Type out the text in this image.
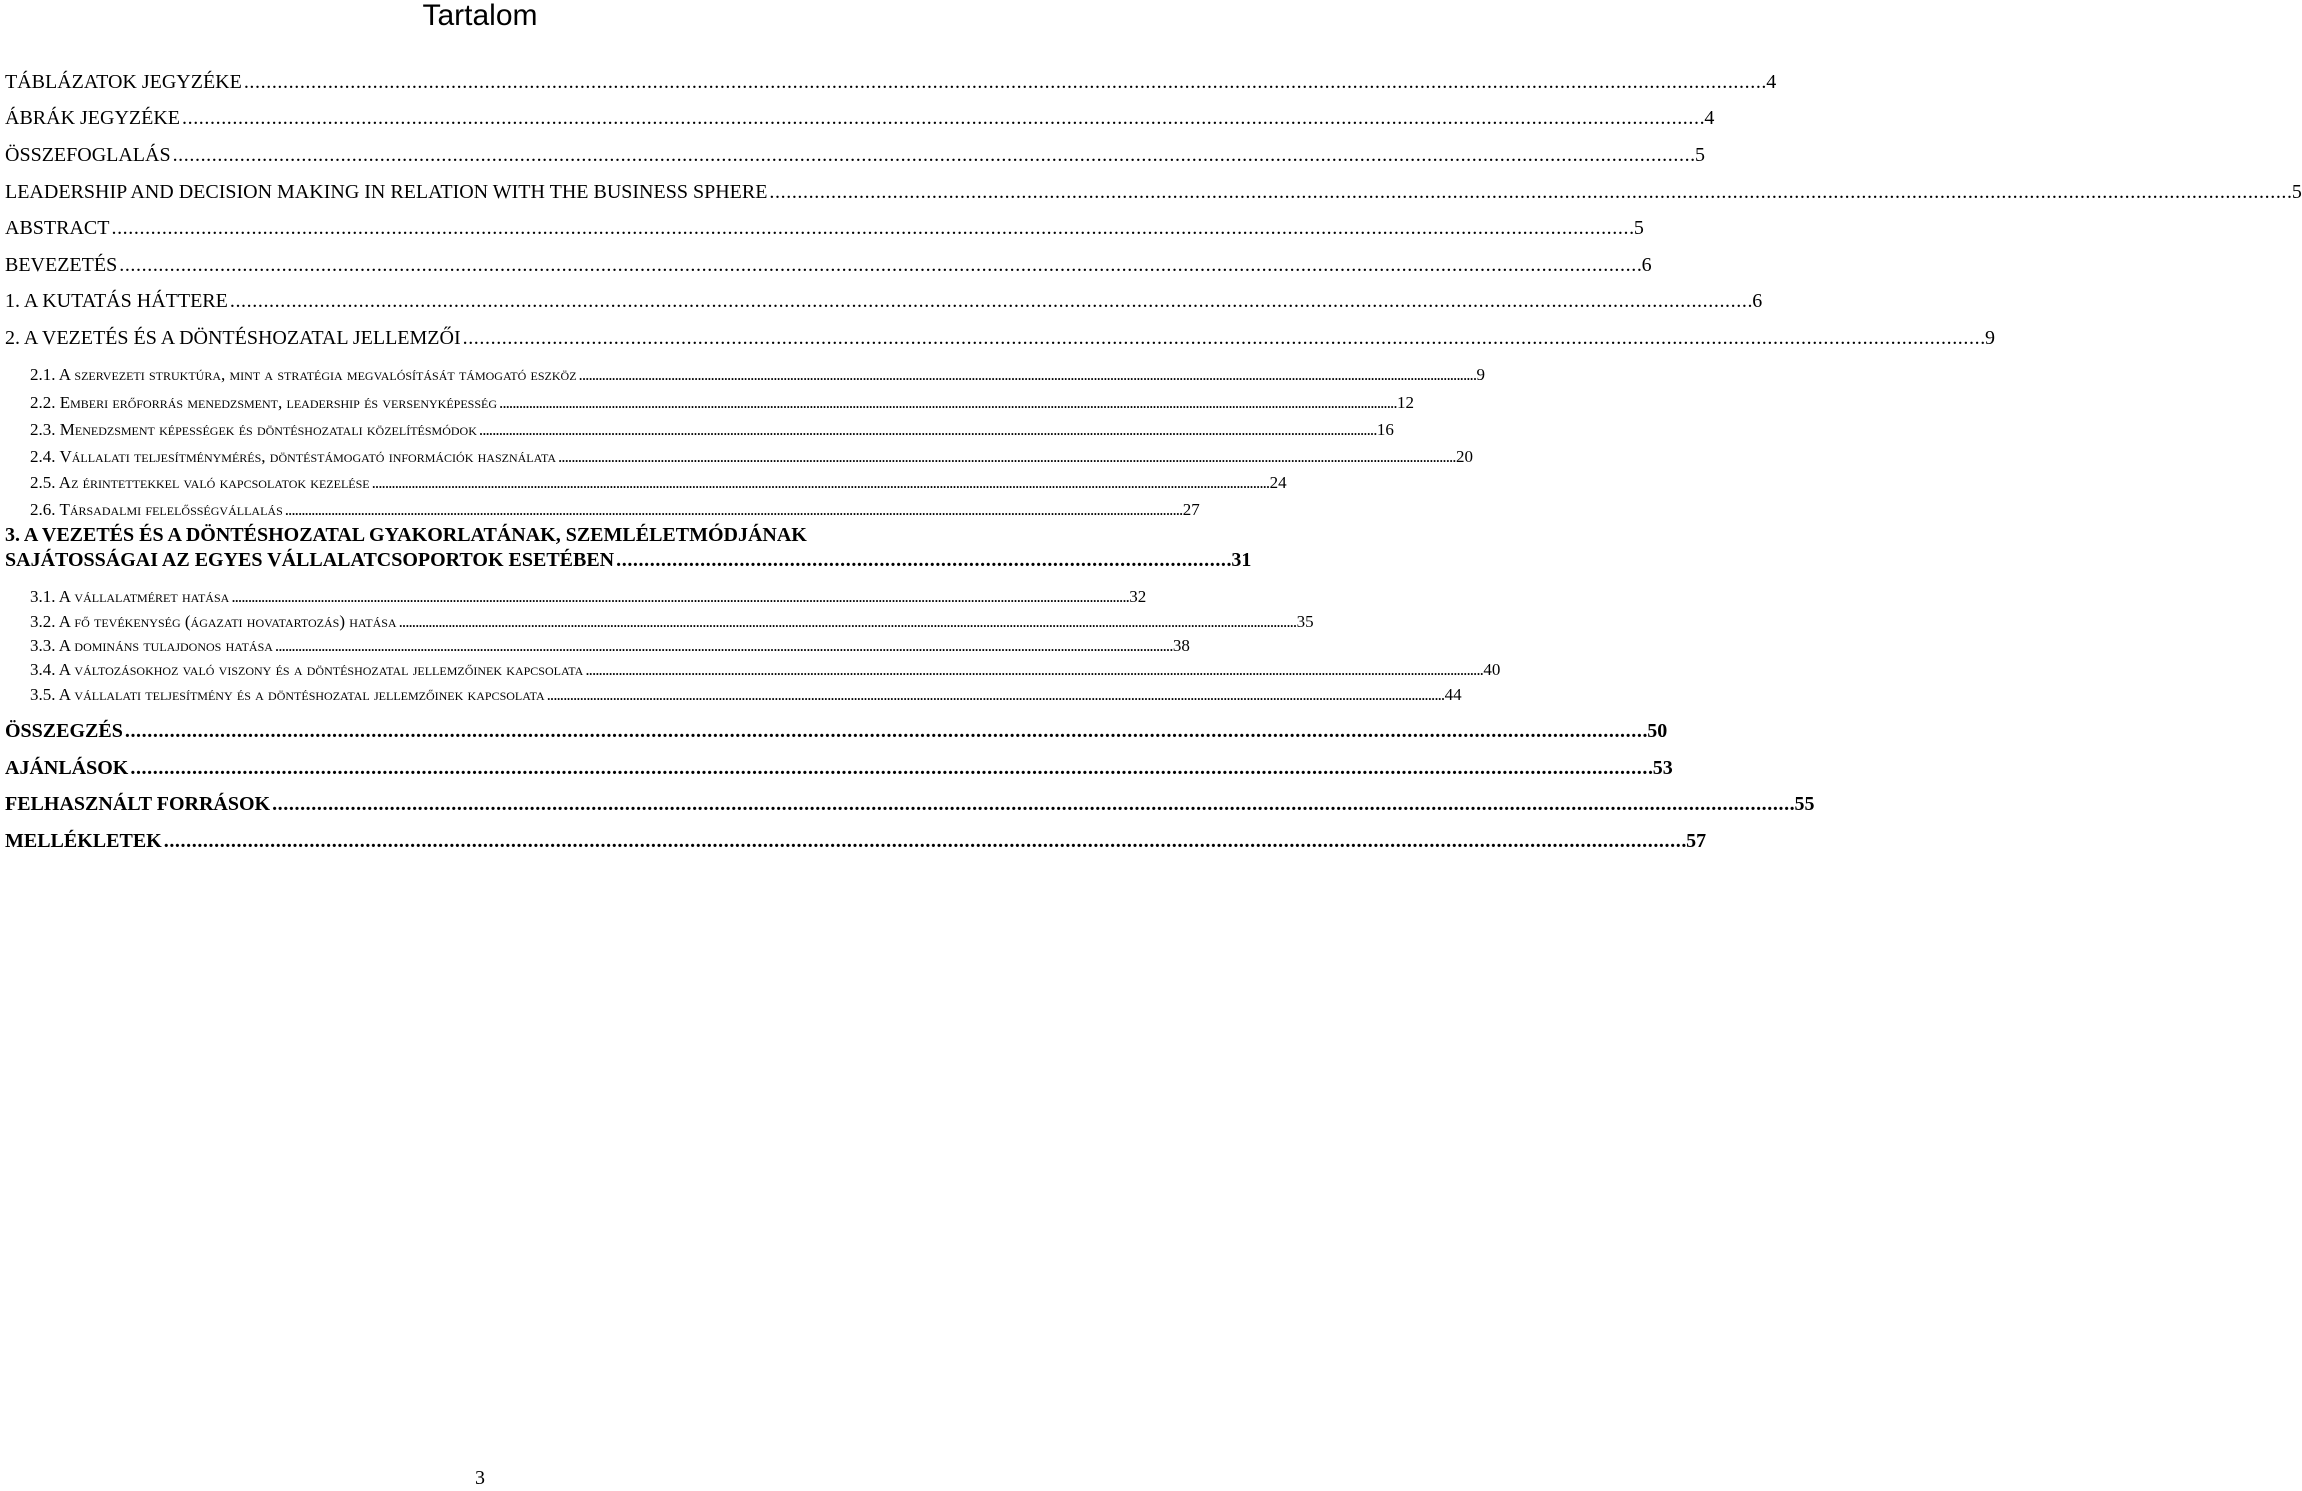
Tartalom
TÁBLÁZATOK JEGYZÉKE . . .	4
ÁBRÁK JEGYZÉKE . . .	4
ÖSSZEFOGLALÁS . . .	5
LEADERSHIP AND DECISION MAKING IN RELATION WITH THE BUSINESS SPHERE . . .	5
ABSTRACT . . .	5
BEVEZETÉS . . .	6
1. A KUTATÁS HÁTTERE . . .	6
2. A VEZETÉS ÉS A DÖNTÉSHOZATAL JELLEMZŐI . . .	9
2.1. A szervezeti struktúra, mint a stratégia megvalósítását támogató eszköz . . .	9
2.2. Emberi erőforrás menedzsment, leadership és versenyképesség . . .	12
2.3. Menedzsment képességek és döntéshozatali közelítésmódok . . .	16
2.4. Vállalati teljesítménymérés, döntéstámogató információk használata . . .	20
2.5. Az érintettekkel való kapcsolatok kezelése . . .	24
2.6. Társadalmi felelősségvállalás . . .	27
3. A VEZETÉS ÉS A DÖNTÉSHOZATAL GYAKORLATÁNAK, SZEMLÉLETMÓDJÁNAK
SAJÁTOSSÁGAI AZ EGYES VÁLLALATCSOPORTOK ESETÉBEN . . .	31
3.1. A vállalatméret hatása . . .	32
3.2. A fő tevékenység (ágazati hovatartozás) hatása . . .	35
3.3. A domináns tulajdonos hatása . . .	38
3.4. A változásokhoz való viszony és a döntéshozatal jellemzőinek kapcsolata . . .	40
3.5. A vállalati teljesítmény és a döntéshozatal jellemzőinek kapcsolata . . .	44
ÖSSZEGZÉS . . .	50
AJÁNLÁSOK . . .	53
FELHASZNÁLT FORRÁSOK . . .	55
MELLÉKLETEK . . .	57
3
